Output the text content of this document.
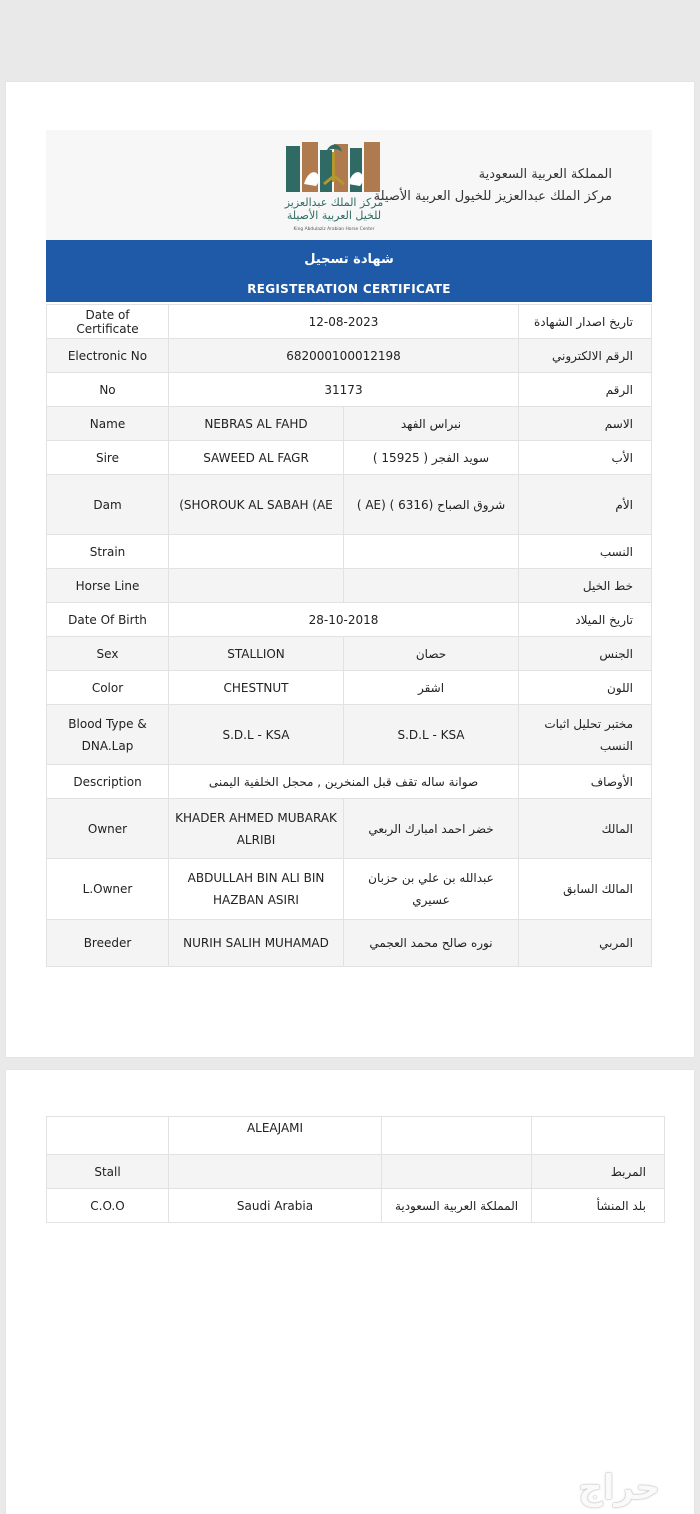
مركز الملك عبدالعزيز
للخيل العربية الأصيلة
King Abdulaziz Arabian Horse Center
المملكة العربية السعودية
مركز الملك عبدالعزيز للخيول العربية الأصيلة
شهادة تسجيل
REGISTERATION CERTIFICATE
Date of Certificate	12-08-2023		تاريخ اصدار الشهادة
Electronic No	682000100012198		الرقم الالكتروني
No	31173		الرقم
Name	NEBRAS AL FAHD	نبراس الفهد	الاسم
Sire	SAWEED AL FAGR	سويد الفجر ( 15925 )	الأب
Dam	(SHOROUK AL SABAH (AE	شروق الصباح (6316 ) (AE )	الأم
Strain			النسب
Horse Line			خط الخيل
Date Of Birth	28-10-2018		تاريخ الميلاد
Sex	STALLION	حصان	الجنس
Color	CHESTNUT	اشقر	اللون
Blood Type & DNA.Lap	S.D.L - KSA	S.D.L - KSA	مختبر تحليل اثبات النسب
Description	صوانة ساله تقف قبل المنخرين , محجل الخلفية اليمنى		الأوصاف
Owner	KHADER AHMED MUBARAK ALRIBI	خضر احمد امبارك الربعي	المالك
L.Owner	ABDULLAH BIN ALI BIN HAZBAN ASIRI	عبدالله بن علي بن حزبان عسيري	المالك السابق
Breeder	NURIH SALIH MUHAMAD	نوره صالح محمد العجمي	المربي
	ALEAJAMI		
Stall			المربط
C.O.O	Saudi Arabia	المملكة العربية السعودية	بلد المنشأ
حراج
